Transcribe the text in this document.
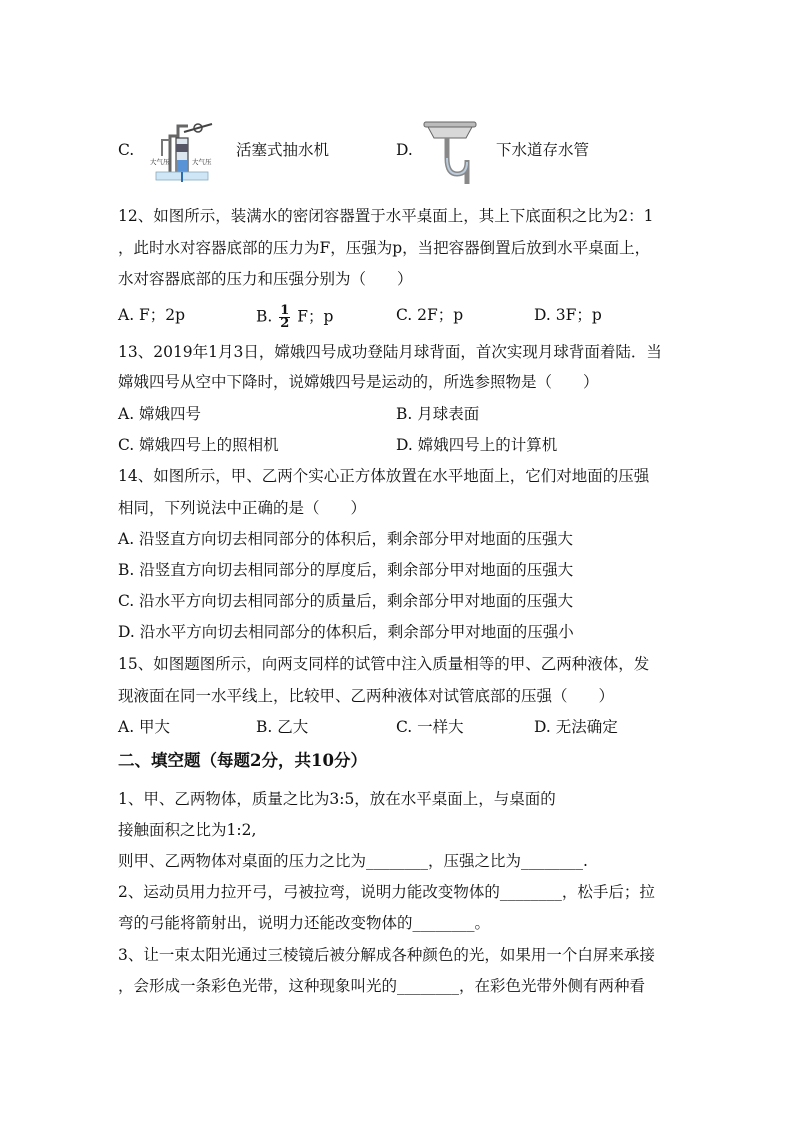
C.
大气压	大气压
活塞式抽水机	D.	下水道存水管
12、如图所示，装满水的密闭容器置于水平桌面上，其上下底面积之比为2：1
，此时水对容器底部的压力为F，压强为p，当把容器倒置后放到水平桌面上，
水对容器底部的压力和压强分别为（　　）
A. F；2p	B. $\frac{1}{2}$ F；p	C. 2F；p	D. 3F；p
13、2019年1月3日，嫦娥四号成功登陆月球背面，首次实现月球背面着陆．当
嫦娥四号从空中下降时，说嫦娥四号是运动的，所选参照物是（　　）
A. 嫦娥四号	B. 月球表面
C. 嫦娥四号上的照相机	D. 嫦娥四号上的计算机
14、如图所示，甲、乙两个实心正方体放置在水平地面上，它们对地面的压强
相同，下列说法中正确的是（　　）
A. 沿竖直方向切去相同部分的体积后，剩余部分甲对地面的压强大
B. 沿竖直方向切去相同部分的厚度后，剩余部分甲对地面的压强大
C. 沿水平方向切去相同部分的质量后，剩余部分甲对地面的压强大
D. 沿水平方向切去相同部分的体积后，剩余部分甲对地面的压强小
15、如图题图所示，向两支同样的试管中注入质量相等的甲、乙两种液体，发
现液面在同一水平线上，比较甲、乙两种液体对试管底部的压强（　　）
A. 甲大	B. 乙大	C. 一样大	D. 无法确定
二、填空题（每题2分，共10分）
1、甲、乙两物体，质量之比为3:5，放在水平桌面上，与桌面的
接触面积之比为1:2,
则甲、乙两物体对桌面的压力之比为________，压强之比为________.
2、运动员用力拉开弓，弓被拉弯，说明力能改变物体的________，松手后；拉
弯的弓能将箭射出，说明力还能改变物体的________。
3、让一束太阳光通过三棱镜后被分解成各种颜色的光，如果用一个白屏来承接
，会形成一条彩色光带，这种现象叫光的________，在彩色光带外侧有两种看
